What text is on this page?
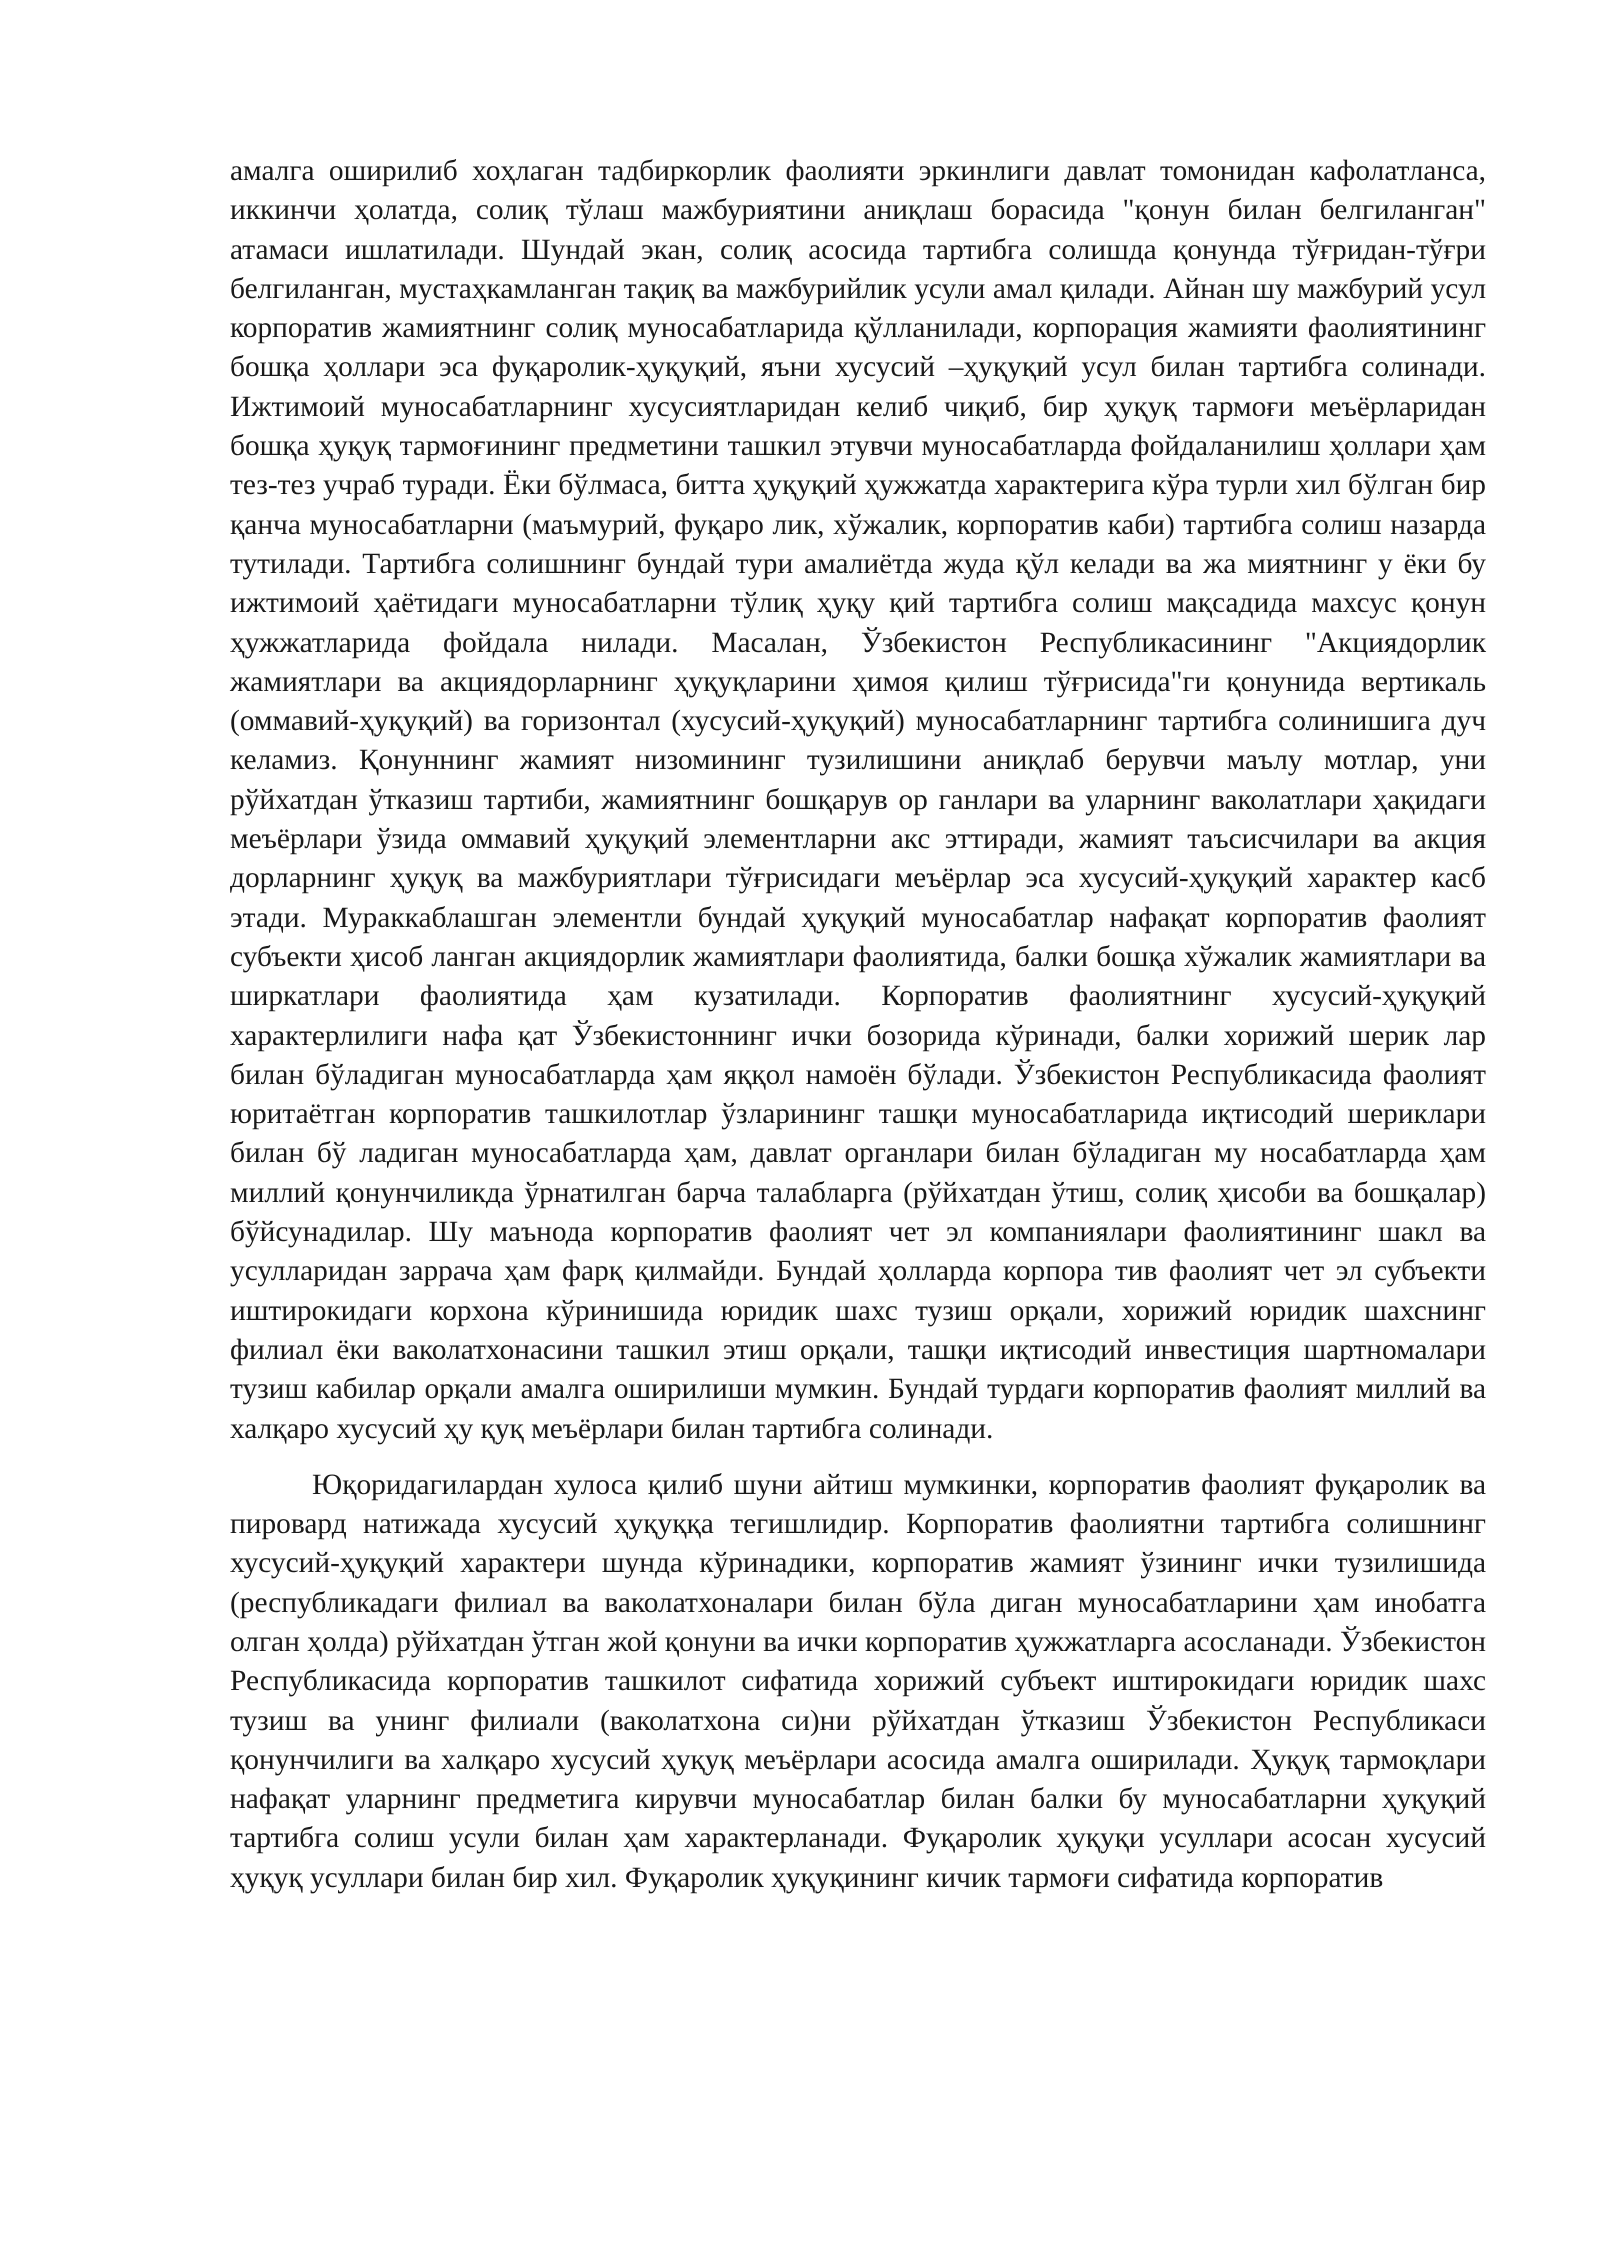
амалга оширилиб хоҳлаган тадбиркорлик фаолияти эркинлиги давлат томонидан кафолатланса, иккинчи ҳолатда, солиқ тўлаш мажбуриятини аниқлаш борасида "қонун билан белгиланган" атамаси ишлатилади. Шундай экан, солиқ асосида тартибга солишда қонунда тўғридан-тўғри белгиланган, мустаҳкамланган тақиқ ва мажбурийлик усули амал қилади. Айнан шу мажбурий усул корпоратив жамиятнинг солиқ муносабатларида қўлланилади, корпорация жамияти фаолиятининг бошқа ҳоллари эса фуқаролик-ҳуқуқий, яъни хусусий –ҳуқуқий усул билан тартибга солинади. Ижтимоий муносабатларнинг хусусиятларидан келиб чиқиб, бир ҳуқуқ тармоғи меъёрларидан бошқа ҳуқуқ тармоғининг предметини ташкил этувчи муносабатларда фойдаланилиш ҳоллари ҳам тез-тез учраб туради. Ёки бўлмаса, битта ҳуқуқий ҳужжатда характерига кўра турли хил бўлган бир қанча муносабатларни (маъмурий, фуқаро лик, хўжалик, корпоратив каби) тартибга солиш назарда тутилади. Тартибга солишнинг бундай тури амалиётда жуда қўл келади ва жа миятнинг у ёки бу ижтимоий ҳаётидаги муносабатларни тўлиқ ҳуқу қий тартибга солиш мақсадида махсус қонун ҳужжатларида фойдала нилади. Масалан, Ўзбекистон Республикасининг "Акциядорлик жамиятлари ва акциядорларнинг ҳуқуқларини ҳимоя қилиш тўғрисида"ги қонунида вертикаль (оммавий-ҳуқуқий) ва горизонтал (хусусий-ҳуқуқий) муносабатларнинг тартибга солинишига дуч келамиз. Қонуннинг жамият низомининг тузилишини аниқлаб берувчи маълу мотлар, уни рўйхатдан ўтказиш тартиби, жамиятнинг бошқарув ор ганлари ва уларнинг ваколатлари ҳақидаги меъёрлари ўзида оммавий ҳуқуқий элементларни акс эттиради, жамият таъсисчилари ва акция дорларнинг ҳуқуқ ва мажбуриятлари тўғрисидаги меъёрлар эса хусусий-ҳуқуқий характер касб этади. Мураккаблашган элементли бундай ҳуқуқий муносабатлар нафақат корпоратив фаолият субъекти ҳисоб ланган акциядорлик жамиятлари фаолиятида, балки бошқа хўжалик жамиятлари ва ширкатлари фаолиятида ҳам кузатилади. Корпоратив фаолиятнинг хусусий-ҳуқуқий характерлилиги нафа қат Ўзбекистоннинг ички бозорида кўринади, балки хорижий шерик лар билан бўладиган муносабатларда ҳам яққол намоён бўлади. Ўзбекистон Республикасида фаолият юритаётган корпоратив ташкилотлар ўзларининг ташқи муносабатларида иқтисодий шериклари билан бў ладиган муносабатларда ҳам, давлат органлари билан бўладиган му носабатларда ҳам миллий қонунчиликда ўрнатилган барча талабларга (рўйхатдан ўтиш, солиқ ҳисоби ва бошқалар) бўйсунадилар. Шу маънода корпоратив фаолият чет эл компаниялари фаолиятининг шакл ва усулларидан заррача ҳам фарқ қилмайди. Бундай ҳолларда корпора тив фаолият чет эл субъекти иштирокидаги корхона кўринишида юридик шахс тузиш орқали, хорижий юридик шахснинг филиал ёки ваколатхонасини ташкил этиш орқали, ташқи иқтисодий инвестиция шартномалари тузиш кабилар орқали амалга оширилиши мумкин. Бундай турдаги корпоратив фаолият миллий ва халқаро хусусий ҳу қуқ меъёрлари билан тартибга солинади.

Юқоридагилардан хулоса қилиб шуни айтиш мумкинки, корпоратив фаолият фуқаролик ва пировард натижада хусусий ҳуқуққа тегишлидир. Корпоратив фаолиятни тартибга солишнинг хусусий-ҳуқуқий характери шунда кўринадики, корпоратив жамият ўзининг ички тузилишида (республикадаги филиал ва ваколатхоналари билан бўла диган муносабатларини ҳам инобатга олган ҳолда) рўйхатдан ўтган жой қонуни ва ички корпоратив ҳужжатларга асосланади. Ўзбекистон Республикасида корпоратив ташкилот сифатида хорижий субъект иштирокидаги юридик шахс тузиш ва унинг филиали (ваколатхона си)ни рўйхатдан ўтказиш Ўзбекистон Республикаси қонунчилиги ва халқаро хусусий ҳуқуқ меъёрлари асосида амалга оширилади. Ҳуқуқ тармоқлари нафақат уларнинг предметига кирувчи муносабатлар билан балки бу муносабатларни ҳуқуқий тартибга солиш усули билан ҳам характерланади. Фуқаролик ҳуқуқи усуллари асосан хусусий ҳуқуқ усуллари билан бир хил. Фуқаролик ҳуқуқининг кичик тармоғи сифатида корпоратив
